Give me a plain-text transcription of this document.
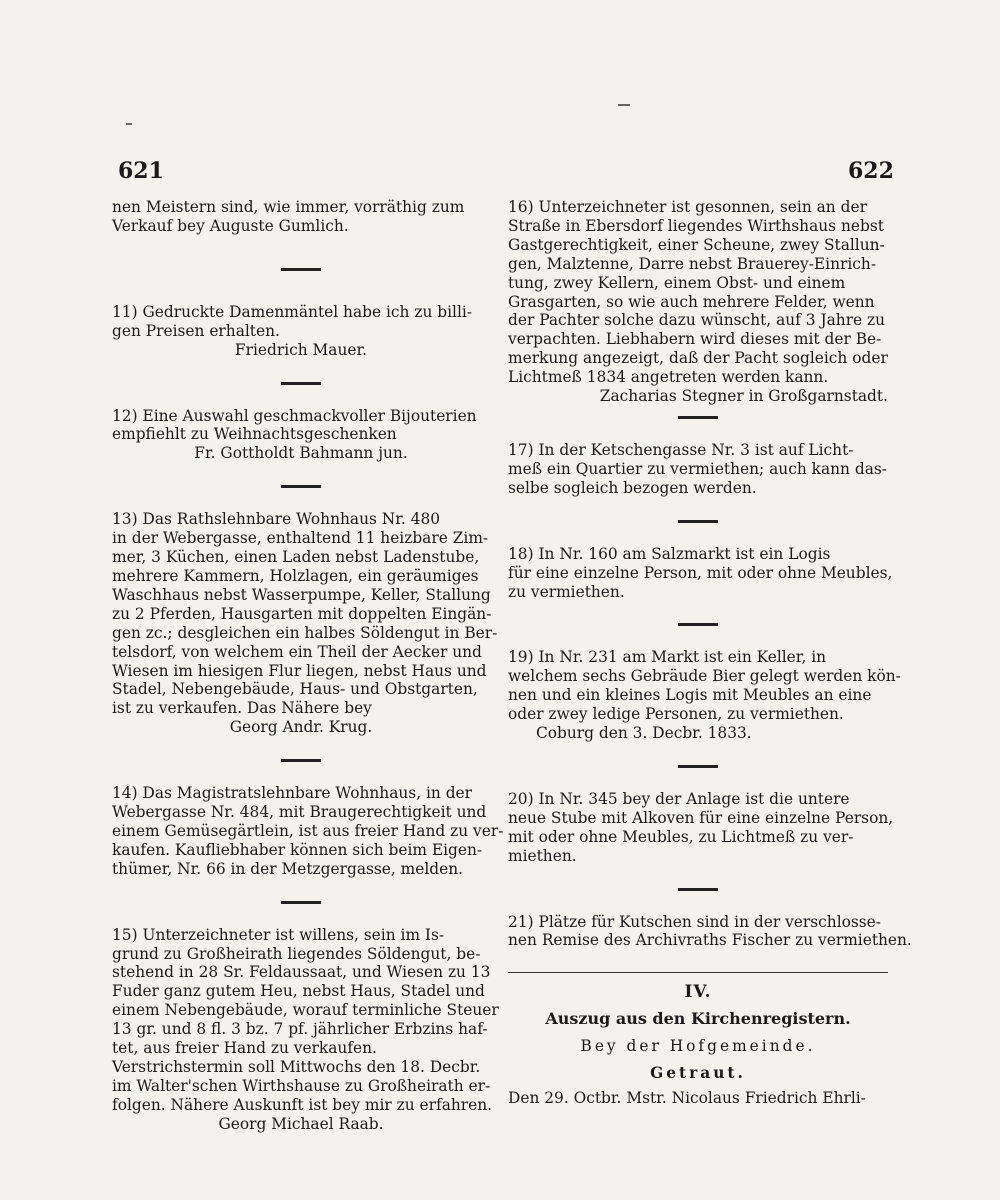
621	622
nen Meistern sind, wie immer, vorräthig zum
Verkauf bey Auguste Gumlich.
11) Gedruckte Damenmäntel habe ich zu billi-
gen Preisen erhalten.
Friedrich Mauer.
12) Eine Auswahl geschmackvoller Bijouterien
empfiehlt zu Weihnachtsgeschenken
Fr. Gottholdt Bahmann jun.
13) Das Rathslehnbare Wohnhaus Nr. 480
in der Webergasse, enthaltend 11 heizbare Zim-
mer, 3 Küchen, einen Laden nebst Ladenstube,
mehrere Kammern, Holzlagen, ein geräumiges
Waschhaus nebst Wasserpumpe, Keller, Stallung
zu 2 Pferden, Hausgarten mit doppelten Eingän-
gen zc.; desgleichen ein halbes Söldengut in Ber-
telsdorf, von welchem ein Theil der Aecker und
Wiesen im hiesigen Flur liegen, nebst Haus und
Stadel, Nebengebäude, Haus- und Obstgarten,
ist zu verkaufen. Das Nähere bey
Georg Andr. Krug.
14) Das Magistratslehnbare Wohnhaus, in der
Webergasse Nr. 484, mit Braugerechtigkeit und
einem Gemüsegärtlein, ist aus freier Hand zu ver-
kaufen. Kaufliebhaber können sich beim Eigen-
thümer, Nr. 66 in der Metzgergasse, melden.
15) Unterzeichneter ist willens, sein im Is-
grund zu Großheirath liegendes Söldengut, be-
stehend in 28 Sr. Feldaussaat, und Wiesen zu 13
Fuder ganz gutem Heu, nebst Haus, Stadel und
einem Nebengebäude, worauf terminliche Steuer
13 gr. und 8 fl. 3 bz. 7 pf. jährlicher Erbzins haf-
tet, aus freier Hand zu verkaufen.
Verstrichstermin soll Mittwochs den 18. Decbr.
im Walter'schen Wirthshause zu Großheirath er-
folgen. Nähere Auskunft ist bey mir zu erfahren.
Georg Michael Raab.
16) Unterzeichneter ist gesonnen, sein an der
Straße in Ebersdorf liegendes Wirthshaus nebst
Gastgerechtigkeit, einer Scheune, zwey Stallun-
gen, Malztenne, Darre nebst Brauerey-Einrich-
tung, zwey Kellern, einem Obst- und einem
Grasgarten, so wie auch mehrere Felder, wenn
der Pachter solche dazu wünscht, auf 3 Jahre zu
verpachten. Liebhabern wird dieses mit der Be-
merkung angezeigt, daß der Pacht sogleich oder
Lichtmeß 1834 angetreten werden kann.
Zacharias Stegner in Großgarnstadt.
17) In der Ketschengasse Nr. 3 ist auf Licht-
meß ein Quartier zu vermiethen; auch kann das-
selbe sogleich bezogen werden.
18) In Nr. 160 am Salzmarkt ist ein Logis
für eine einzelne Person, mit oder ohne Meubles,
zu vermiethen.
19) In Nr. 231 am Markt ist ein Keller, in
welchem sechs Gebräude Bier gelegt werden kön-
nen und ein kleines Logis mit Meubles an eine
oder zwey ledige Personen, zu vermiethen.
Coburg den 3. Decbr. 1833.
20) In Nr. 345 bey der Anlage ist die untere
neue Stube mit Alkoven für eine einzelne Person,
mit oder ohne Meubles, zu Lichtmeß zu ver-
miethen.
21) Plätze für Kutschen sind in der verschlosse-
nen Remise des Archivraths Fischer zu vermiethen.
IV.
Auszug aus den Kirchenregistern.
Bey der Hofgemeinde.
Getraut.
Den 29. Octbr. Mstr. Nicolaus Friedrich Ehrli-
